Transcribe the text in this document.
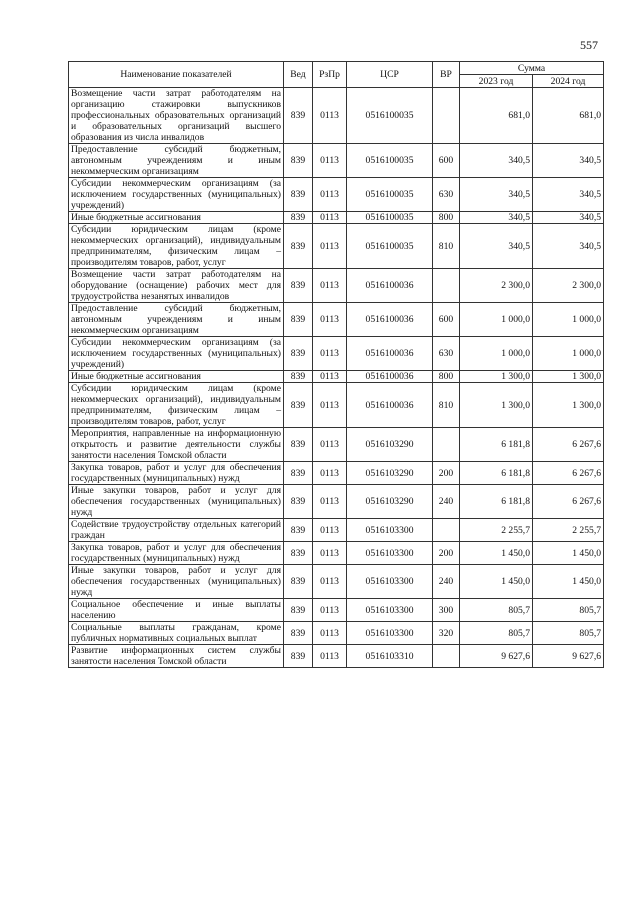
557
Наименование показателей	Вед	РзПр	ЦСР	ВР	Сумма	
					2023 год	2024 год
Возмещение части затрат работодателям на организацию стажировки выпускников профессиональных образовательных организаций и образовательных организаций высшего образования из числа инвалидов	839	0113	0516100035		681,0	681,0
Предоставление субсидий бюджетным, автономным учреждениям и иным некоммерческим организациям	839	0113	0516100035	600	340,5	340,5
Субсидии некоммерческим организациям (за исключением государственных (муниципальных) учреждений)	839	0113	0516100035	630	340,5	340,5
Иные бюджетные ассигнования	839	0113	0516100035	800	340,5	340,5
Субсидии юридическим лицам (кроме некоммерческих организаций), индивидуальным предпринимателям, физическим лицам – производителям товаров, работ, услуг	839	0113	0516100035	810	340,5	340,5
Возмещение части затрат работодателям на оборудование (оснащение) рабочих мест для трудоустройства незанятых инвалидов	839	0113	0516100036		2 300,0	2 300,0
Предоставление субсидий бюджетным, автономным учреждениям и иным некоммерческим организациям	839	0113	0516100036	600	1 000,0	1 000,0
Субсидии некоммерческим организациям (за исключением государственных (муниципальных) учреждений)	839	0113	0516100036	630	1 000,0	1 000,0
Иные бюджетные ассигнования	839	0113	0516100036	800	1 300,0	1 300,0
Субсидии юридическим лицам (кроме некоммерческих организаций), индивидуальным предпринимателям, физическим лицам – производителям товаров, работ, услуг	839	0113	0516100036	810	1 300,0	1 300,0
Мероприятия, направленные на информационную открытость и развитие деятельности службы занятости населения Томской области	839	0113	0516103290		6 181,8	6 267,6
Закупка товаров, работ и услуг для обеспечения государственных (муниципальных) нужд	839	0113	0516103290	200	6 181,8	6 267,6
Иные закупки товаров, работ и услуг для обеспечения государственных (муниципальных) нужд	839	0113	0516103290	240	6 181,8	6 267,6
Содействие трудоустройству отдельных категорий граждан	839	0113	0516103300		2 255,7	2 255,7
Закупка товаров, работ и услуг для обеспечения государственных (муниципальных) нужд	839	0113	0516103300	200	1 450,0	1 450,0
Иные закупки товаров, работ и услуг для обеспечения государственных (муниципальных) нужд	839	0113	0516103300	240	1 450,0	1 450,0
Социальное обеспечение и иные выплаты населению	839	0113	0516103300	300	805,7	805,7
Социальные выплаты гражданам, кроме публичных нормативных социальных выплат	839	0113	0516103300	320	805,7	805,7
Развитие информационных систем службы занятости населения Томской области	839	0113	0516103310		9 627,6	9 627,6
